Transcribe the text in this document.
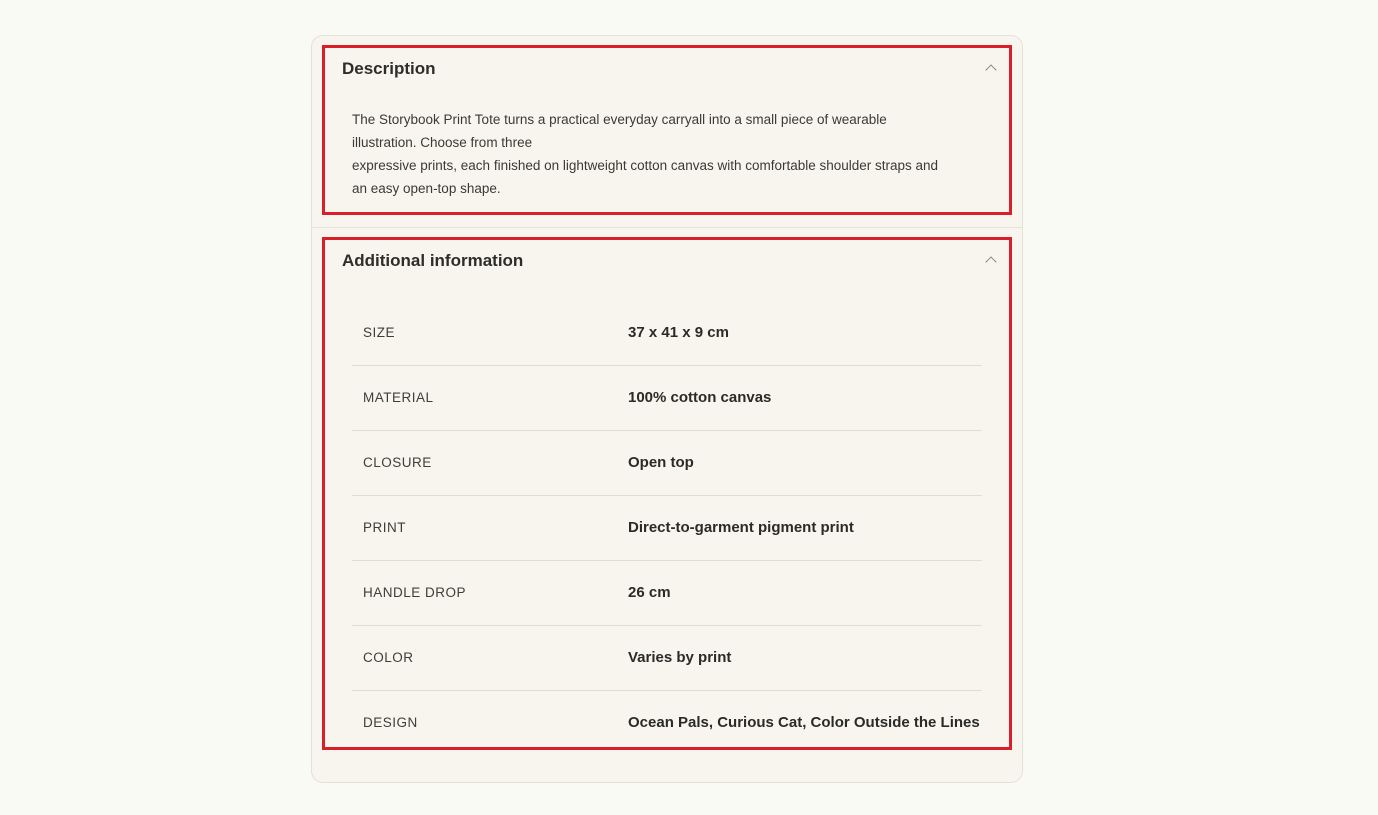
Description
The Storybook Print Tote turns a practical everyday carryall into a small piece of wearable
illustration. Choose from three
expressive prints, each finished on lightweight cotton canvas with comfortable shoulder straps and
an easy open-top shape.
Additional information
SIZE	37 x 41 x 9 cm
MATERIAL	100% cotton canvas
CLOSURE	Open top
PRINT	Direct-to-garment pigment print
HANDLE DROP	26 cm
COLOR	Varies by print
DESIGN	Ocean Pals, Curious Cat, Color Outside the Lines
